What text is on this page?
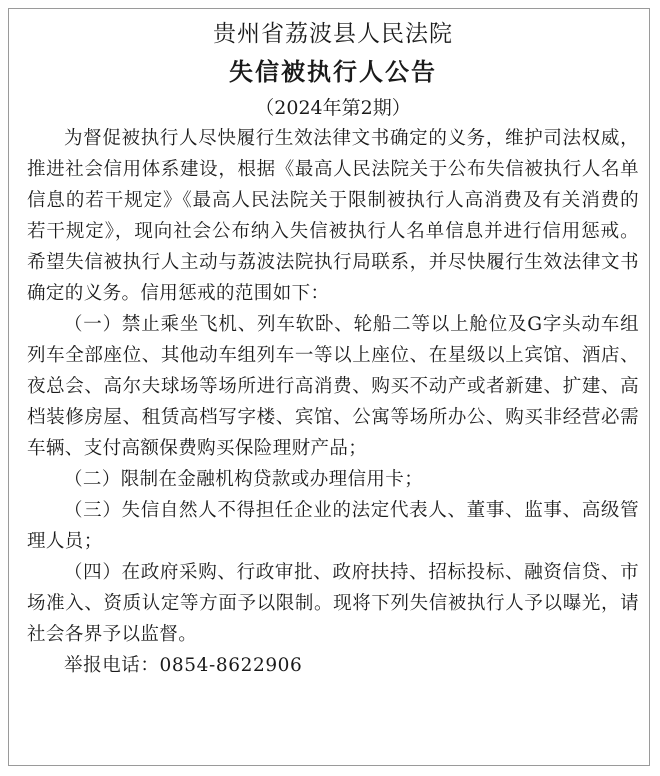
贵州省荔波县人民法院
失信被执行人公告
（2024年第2期）

为督促被执行人尽快履行生效法律文书确定的义务，维护司法权威，推进社会信用体系建设，根据《最高人民法院关于公布失信被执行人名单信息的若干规定》《最高人民法院关于限制被执行人高消费及有关消费的若干规定》，现向社会公布纳入失信被执行人名单信息并进行信用惩戒。希望失信被执行人主动与荔波法院执行局联系，并尽快履行生效法律文书确定的义务。信用惩戒的范围如下：

（一）禁止乘坐飞机、列车软卧、轮船二等以上舱位及G字头动车组列车全部座位、其他动车组列车一等以上座位、在星级以上宾馆、酒店、夜总会、高尔夫球场等场所进行高消费、购买不动产或者新建、扩建、高档装修房屋、租赁高档写字楼、宾馆、公寓等场所办公、购买非经营必需车辆、支付高额保费购买保险理财产品；

（二）限制在金融机构贷款或办理信用卡；

（三）失信自然人不得担任企业的法定代表人、董事、监事、高级管理人员；

（四）在政府采购、行政审批、政府扶持、招标投标、融资信贷、市场准入、资质认定等方面予以限制。现将下列失信被执行人予以曝光，请社会各界予以监督。

举报电话：0854-8622906
